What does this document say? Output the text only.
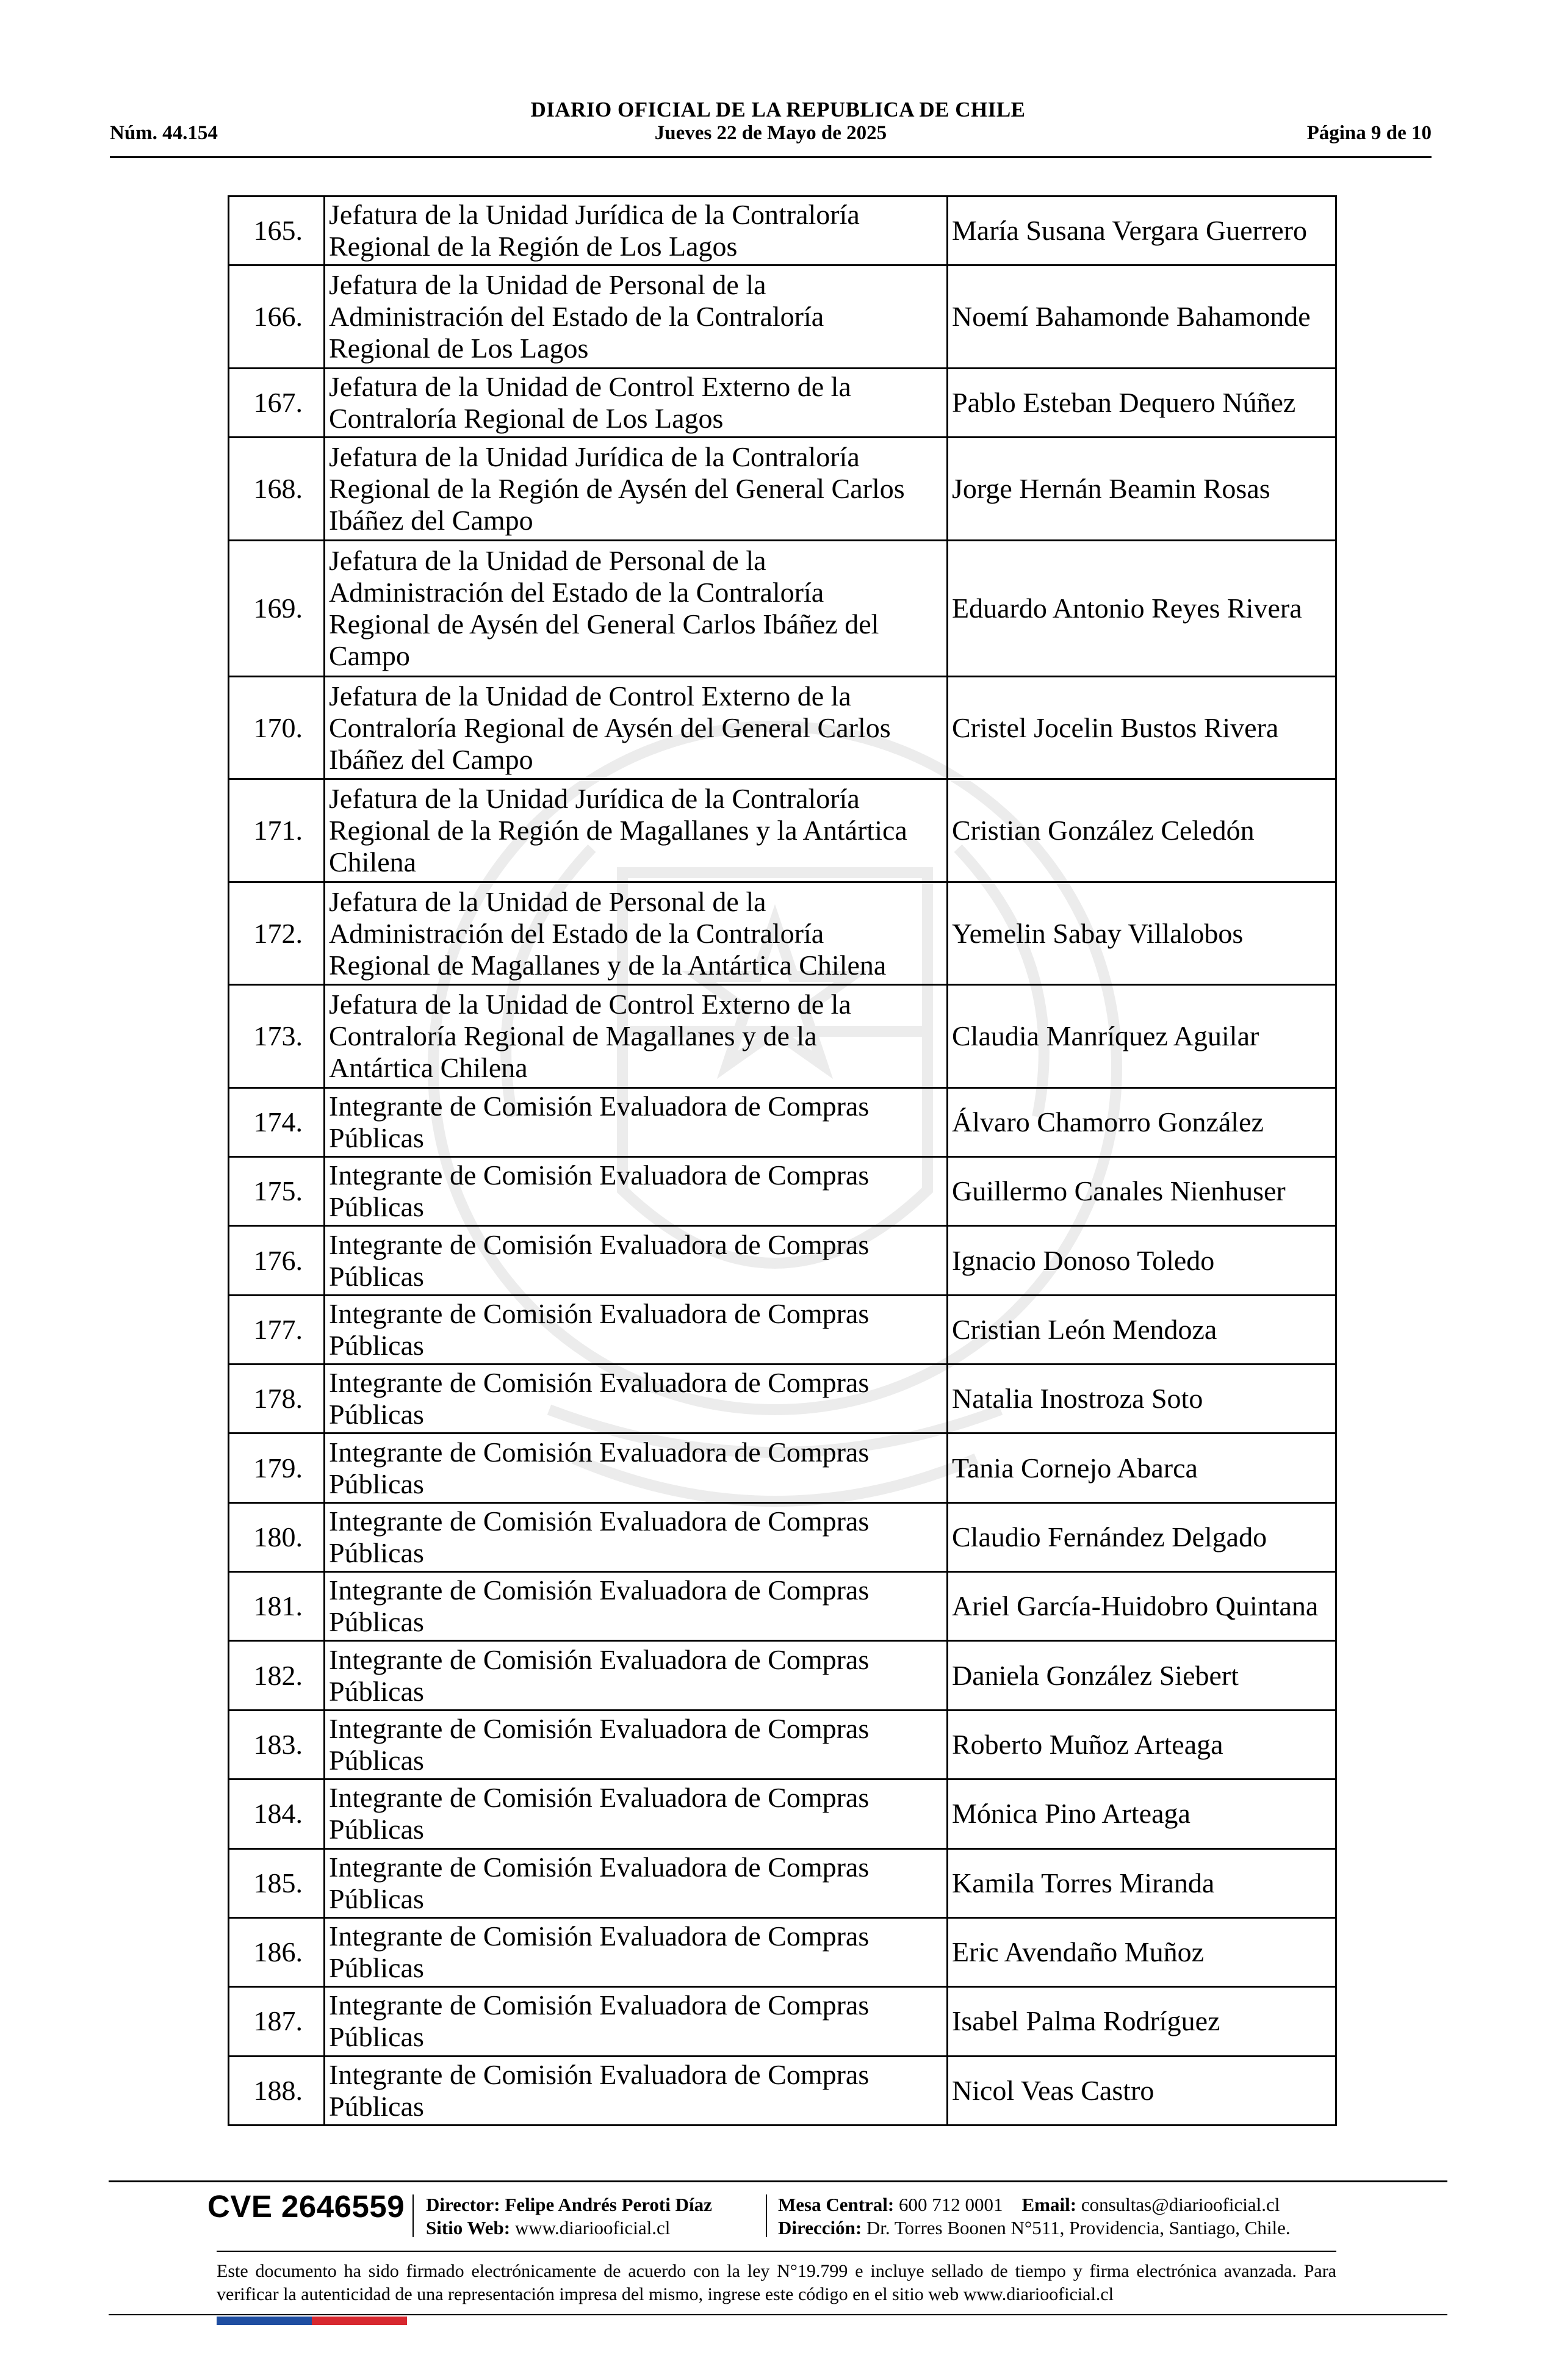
DIARIO OFICIAL DE LA REPUBLICA DE CHILE
Núm. 44.154	Jueves 22 de Mayo de 2025	Página 9 de 10
165.	Jefatura de la Unidad Jurídica de la Contraloría
Regional de la Región de Los Lagos	María Susana Vergara Guerrero
166.	Jefatura de la Unidad de Personal de la
Administración del Estado de la Contraloría
Regional de Los Lagos	Noemí Bahamonde Bahamonde
167.	Jefatura de la Unidad de Control Externo de la
Contraloría Regional de Los Lagos	Pablo Esteban Dequero Núñez
168.	Jefatura de la Unidad Jurídica de la Contraloría
Regional de la Región de Aysén del General Carlos
Ibáñez del Campo	Jorge Hernán Beamin Rosas
169.	Jefatura de la Unidad de Personal de la
Administración del Estado de la Contraloría
Regional de Aysén del General Carlos Ibáñez del
Campo	Eduardo Antonio Reyes Rivera
170.	Jefatura de la Unidad de Control Externo de la
Contraloría Regional de Aysén del General Carlos
Ibáñez del Campo	Cristel Jocelin Bustos Rivera
171.	Jefatura de la Unidad Jurídica de la Contraloría
Regional de la Región de Magallanes y la Antártica
Chilena	Cristian González Celedón
172.	Jefatura de la Unidad de Personal de la
Administración del Estado de la Contraloría
Regional de Magallanes y de la Antártica Chilena	Yemelin Sabay Villalobos
173.	Jefatura de la Unidad de Control Externo de la
Contraloría Regional de Magallanes y de la
Antártica Chilena	Claudia Manríquez Aguilar
174.	Integrante de Comisión Evaluadora de Compras
Públicas	Álvaro Chamorro González
175.	Integrante de Comisión Evaluadora de Compras
Públicas	Guillermo Canales Nienhuser
176.	Integrante de Comisión Evaluadora de Compras
Públicas	Ignacio Donoso Toledo
177.	Integrante de Comisión Evaluadora de Compras
Públicas	Cristian León Mendoza
178.	Integrante de Comisión Evaluadora de Compras
Públicas	Natalia Inostroza Soto
179.	Integrante de Comisión Evaluadora de Compras
Públicas	Tania Cornejo Abarca
180.	Integrante de Comisión Evaluadora de Compras
Públicas	Claudio Fernández Delgado
181.	Integrante de Comisión Evaluadora de Compras
Públicas	Ariel García-Huidobro Quintana
182.	Integrante de Comisión Evaluadora de Compras
Públicas	Daniela González Siebert
183.	Integrante de Comisión Evaluadora de Compras
Públicas	Roberto Muñoz Arteaga
184.	Integrante de Comisión Evaluadora de Compras
Públicas	Mónica Pino Arteaga
185.	Integrante de Comisión Evaluadora de Compras
Públicas	Kamila Torres Miranda
186.	Integrante de Comisión Evaluadora de Compras
Públicas	Eric Avendaño Muñoz
187.	Integrante de Comisión Evaluadora de Compras
Públicas	Isabel Palma Rodríguez
188.	Integrante de Comisión Evaluadora de Compras
Públicas	Nicol Veas Castro
CVE 2646559 Director: Felipe Andrés Peroti Díaz
Sitio Web: www.diariooficial.cl
Mesa Central: 600 712 0001 Email: consultas@diariooficial.cl
Dirección: Dr. Torres Boonen N°511, Providencia, Santiago, Chile.
Este documento ha sido firmado electrónicamente de acuerdo con la ley N°19.799 e incluye sellado de tiempo y firma electrónica avanzada. Para verificar la autenticidad de una representación impresa del mismo, ingrese este código en el sitio web www.diariooficial.cl
